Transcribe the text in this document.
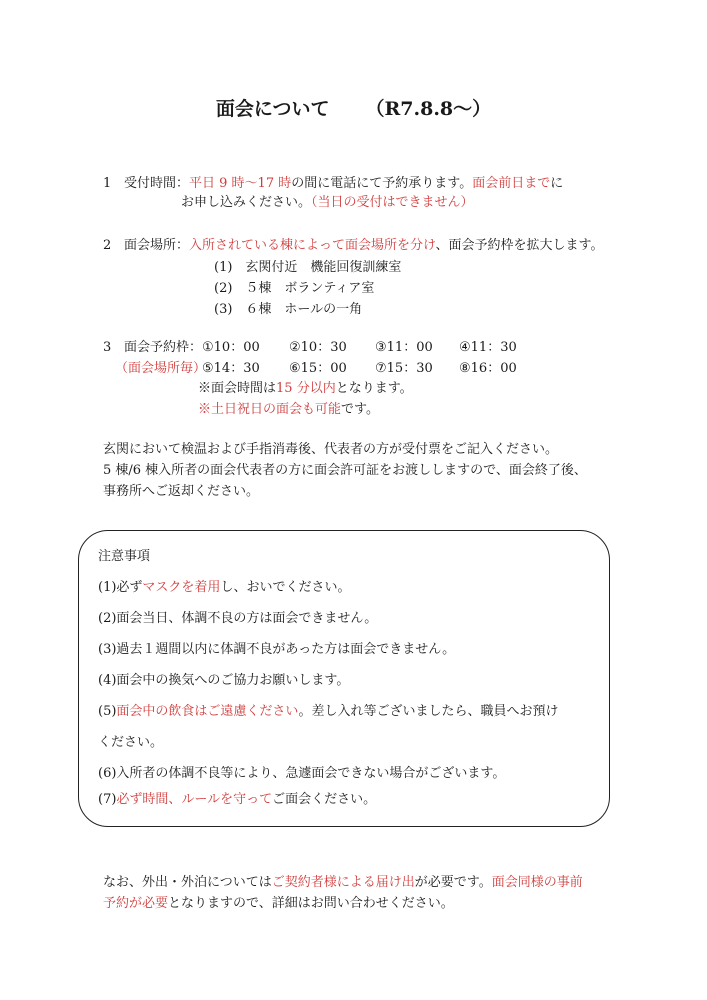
面会について （R7.8.8～）
1 受付時間：平日 9 時～17 時の間に電話にて予約承ります。面会前日までに
お申し込みください。（当日の受付はできません）
2 面会場所：入所されている棟によって面会場所を分け、面会予約枠を拡大します。
(1)　玄関付近　機能回復訓練室
(2)　５棟　ボランティア室
(3)　６棟　ホールの一角
3 面会予約枠： ①10：00 ②10：30 ③11：00 ④11：30
（面会場所毎）
⑤14：30 ⑥15：00 ⑦15：30 ⑧16：00
※面会時間は15 分以内となります。
※土日祝日の面会も可能です。
玄関において検温および手指消毒後、代表者の方が受付票をご記入ください。
5 棟/6 棟入所者の面会代表者の方に面会許可証をお渡ししますので、面会終了後、
事務所へご返却ください。
注意事項
(1)必ずマスクを着用し、おいでください。
(2)面会当日、体調不良の方は面会できません。
(3)過去１週間以内に体調不良があった方は面会できません。
(4)面会中の換気へのご協力お願いします。
(5)面会中の飲食はご遠慮ください。差し入れ等ございましたら、職員へお預け
ください。
(6)入所者の体調不良等により、急遽面会できない場合がございます。
(7)必ず時間、ルールを守ってご面会ください。
なお、外出・外泊についてはご契約者様による届け出が必要です。面会同様の事前
予約が必要となりますので、詳細はお問い合わせください。
